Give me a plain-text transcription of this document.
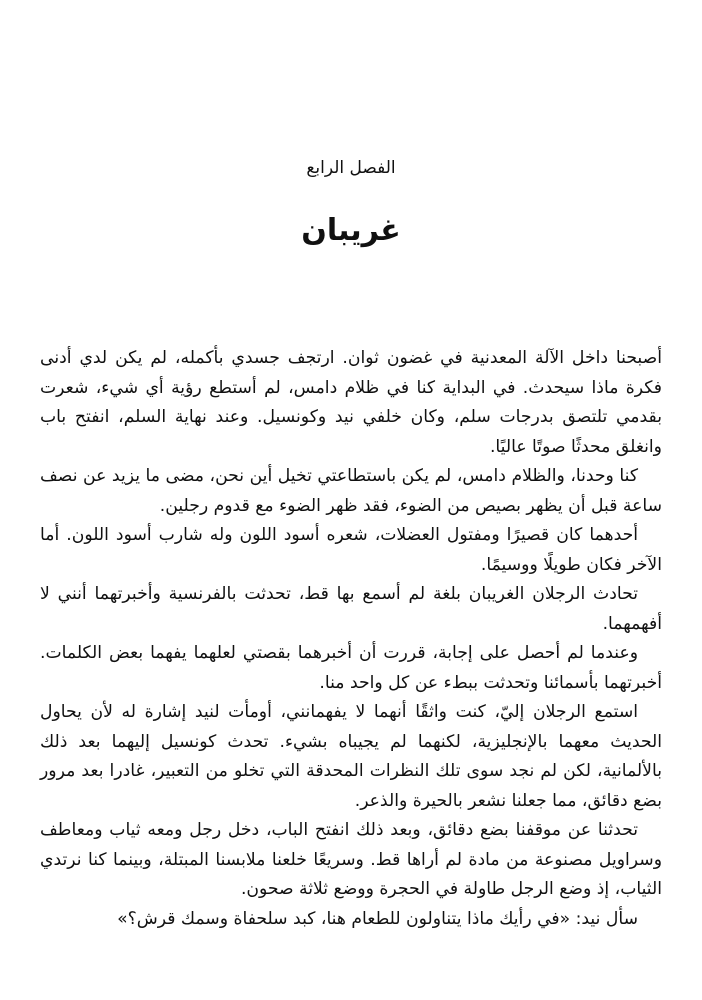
الفصل الرابع
غريبان

أصبحنا داخل الآلة المعدنية في غضون ثوان. ارتجف جسدي بأكمله، لم يكن لدي أدنى فكرة ماذا سيحدث. في البداية كنا في ظلام دامس، لم أستطع رؤية أي شيء، شعرت بقدمي تلتصق بدرجات سلم، وكان خلفي نيد وكونسيل. وعند نهاية السلم، انفتح باب وانغلق محدثًا صوتًا عاليًا.

كنا وحدنا، والظلام دامس، لم يكن باستطاعتي تخيل أين نحن، مضى ما يزيد عن نصف ساعة قبل أن يظهر بصيص من الضوء، فقد ظهر الضوء مع قدوم رجلين.

أحدهما كان قصيرًا ومفتول العضلات، شعره أسود اللون وله شارب أسود اللون. أما الآخر فكان طويلًا ووسيمًا.

تحادث الرجلان الغريبان بلغة لم أسمع بها قط، تحدثت بالفرنسية وأخبرتهما أنني لا أفهمهما.

وعندما لم أحصل على إجابة، قررت أن أخبرهما بقصتي لعلهما يفهما بعض الكلمات. أخبرتهما بأسمائنا وتحدثت ببطء عن كل واحد منا.

استمع الرجلان إليّ، كنت واثقًا أنهما لا يفهمانني، أومأت لنيد إشارة له لأن يحاول الحديث معهما بالإنجليزية، لكنهما لم يجيباه بشيء. تحدث كونسيل إليهما بعد ذلك بالألمانية، لكن لم نجد سوى تلك النظرات المحدقة التي تخلو من التعبير، غادرا بعد مرور بضع دقائق، مما جعلنا نشعر بالحيرة والذعر.

تحدثنا عن موقفنا بضع دقائق، وبعد ذلك انفتح الباب، دخل رجل ومعه ثياب ومعاطف وسراويل مصنوعة من مادة لم أراها قط. وسريعًا خلعنا ملابسنا المبتلة، وبينما كنا نرتدي الثياب، إذ وضع الرجل طاولة في الحجرة ووضع ثلاثة صحون.

سأل نيد: «في رأيك ماذا يتناولون للطعام هنا، كبد سلحفاة وسمك قرش؟»
